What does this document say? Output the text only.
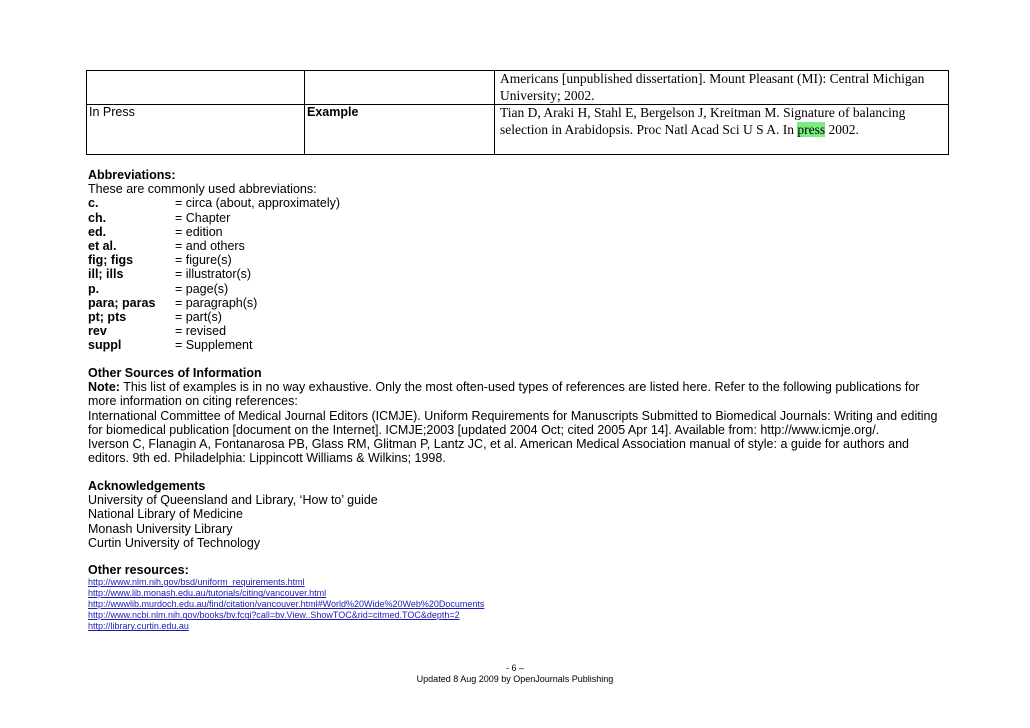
		Americans [unpublished dissertation]. Mount Pleasant (MI): Central Michigan University; 2002.
In Press	Example	Tian D, Araki H, Stahl E, Bergelson J, Kreitman M. Signature of balancing selection in Arabidopsis. Proc Natl Acad Sci U S A. In press 2002.
Abbreviations:
These are commonly used abbreviations:
c.	= circa (about, approximately)
ch.	= Chapter
ed.	= edition
et al.	= and others
fig; figs	= figure(s)
ill; ills	= illustrator(s)
p.	= page(s)
para; paras	= paragraph(s)
pt; pts	= part(s)
rev	= revised
suppl	= Supplement
Other Sources of Information
Note: This list of examples is in no way exhaustive. Only the most often-used types of references are listed here. Refer to the following publications for more information on citing references:
International Committee of Medical Journal Editors (ICMJE). Uniform Requirements for Manuscripts Submitted to Biomedical Journals: Writing and editing for biomedical publication [document on the Internet]. ICMJE;2003 [updated 2004 Oct; cited 2005 Apr 14]. Available from: http://www.icmje.org/.
Iverson C, Flanagin A, Fontanarosa PB, Glass RM, Glitman P, Lantz JC, et al. American Medical Association manual of style: a guide for authors and editors. 9th ed. Philadelphia: Lippincott Williams & Wilkins; 1998.
Acknowledgements
University of Queensland and Library, ‘How to’ guide
National Library of Medicine
Monash University Library
Curtin University of Technology
Other resources:
http://www.nlm.nih.gov/bsd/uniform_requirements.html
http://www.lib.monash.edu.au/tutorials/citing/vancouver.html
http://wwwlib.murdoch.edu.au/find/citation/vancouver.html#World%20Wide%20Web%20Documents
http://www.ncbi.nlm.nih.gov/books/bv.fcgi?call=bv.View..ShowTOC&rid=citmed.TOC&depth=2
http://library.curtin.edu.au
- 6 –
Updated 8 Aug 2009 by OpenJournals Publishing
